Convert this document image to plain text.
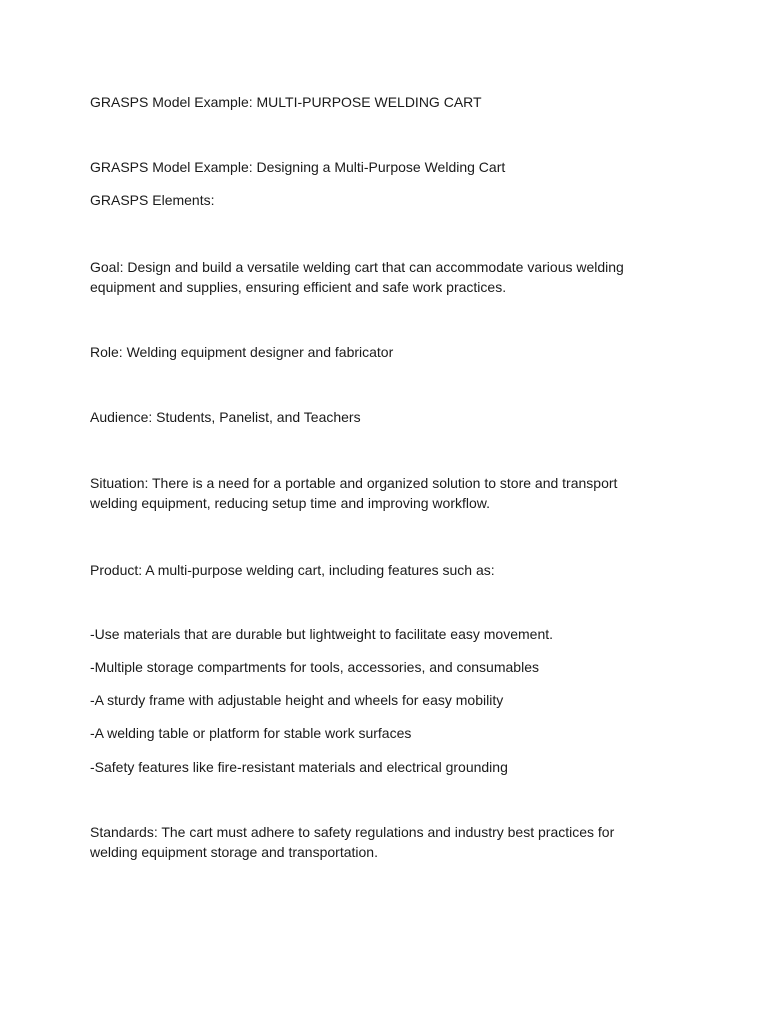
GRASPS Model Example: MULTI-PURPOSE WELDING CART

GRASPS Model Example: Designing a Multi-Purpose Welding Cart

GRASPS Elements:

Goal: Design and build a versatile welding cart that can accommodate various welding equipment and supplies, ensuring efficient and safe work practices.

Role: Welding equipment designer and fabricator

Audience: Students, Panelist, and Teachers

Situation: There is a need for a portable and organized solution to store and transport welding equipment, reducing setup time and improving workflow.

Product: A multi-purpose welding cart, including features such as:

-Use materials that are durable but lightweight to facilitate easy movement.

-Multiple storage compartments for tools, accessories, and consumables

-A sturdy frame with adjustable height and wheels for easy mobility

-A welding table or platform for stable work surfaces

-Safety features like fire-resistant materials and electrical grounding

Standards: The cart must adhere to safety regulations and industry best practices for welding equipment storage and transportation.
